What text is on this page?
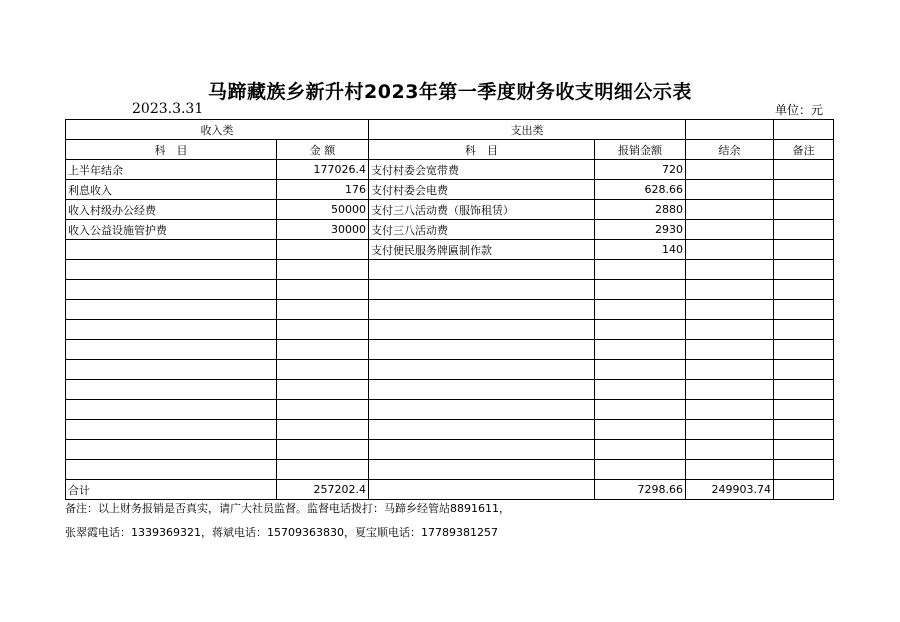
马蹄藏族乡新升村2023年第一季度财务收支明细公示表
2023.3.31	单位：元
收入类		支出类			
科　目	金 额	科　目	报销金额	结余	备注
上半年结余	177026.4	支付村委会宽带费	720		
利息收入	176	支付村委会电费	628.66		
收入村级办公经费	50000	支付三八活动费（服饰租赁）	2880		
收入公益设施管护费	30000	支付三八活动费	2930		
		支付便民服务牌匾制作款	140		

合计	257202.4		7298.66	249903.74	
备注：以上财务报销是否真实，请广大社员监督。监督电话拨打：马蹄乡经管站8891611，
张翠霞电话：1339369321，蒋斌电话：15709363830，夏宝顺电话：17789381257
